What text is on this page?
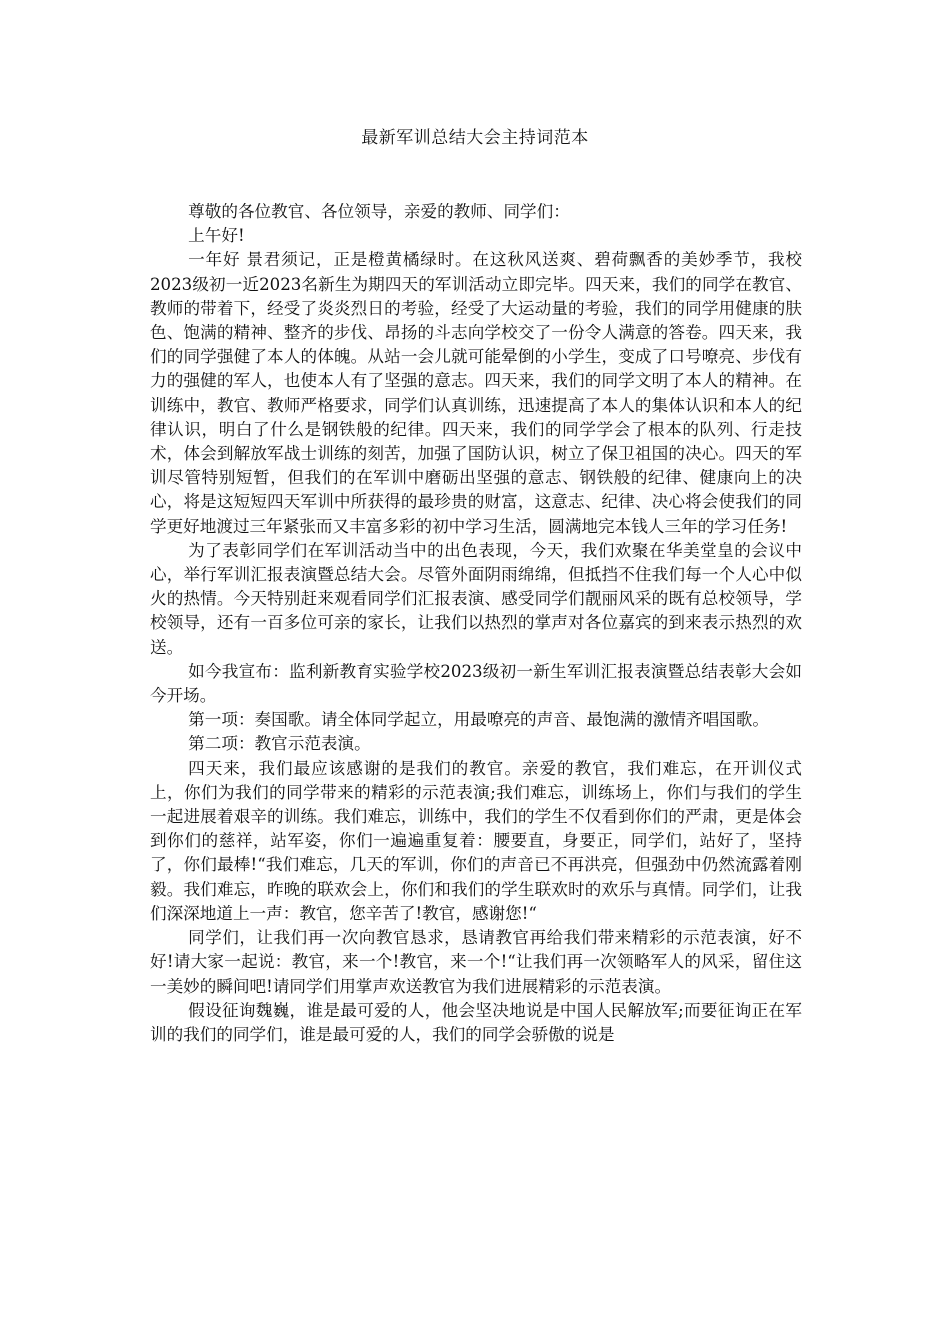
最新军训总结大会主持词范本

尊敬的各位教官、各位领导，亲爱的教师、同学们：

上午好!

一年好 景君须记，正是橙黄橘绿时。在这秋风送爽、碧荷飘香的美妙季节，我校2023级初一近2023名新生为期四天的军训活动立即完毕。四天来，我们的同学在教官、教师的带着下，经受了炎炎烈日的考验，经受了大运动量的考验，我们的同学用健康的肤色、饱满的精神、整齐的步伐、昂扬的斗志向学校交了一份令人满意的答卷。四天来，我们的同学强健了本人的体魄。从站一会儿就可能晕倒的小学生，变成了口号嘹亮、步伐有力的强健的军人，也使本人有了坚强的意志。四天来，我们的同学文明了本人的精神。在训练中，教官、教师严格要求，同学们认真训练，迅速提高了本人的集体认识和本人的纪律认识，明白了什么是钢铁般的纪律。四天来，我们的同学学会了根本的队列、行走技术，体会到解放军战士训练的刻苦，加强了国防认识，树立了保卫祖国的决心。四天的军训尽管特别短暂，但我们的在军训中磨砺出坚强的意志、钢铁般的纪律、健康向上的决心，将是这短短四天军训中所获得的最珍贵的财富，这意志、纪律、决心将会使我们的同学更好地渡过三年紧张而又丰富多彩的初中学习生活，圆满地完本钱人三年的学习任务!

为了表彰同学们在军训活动当中的出色表现，今天，我们欢聚在华美堂皇的会议中心，举行军训汇报表演暨总结大会。尽管外面阴雨绵绵，但抵挡不住我们每一个人心中似火的热情。今天特别赶来观看同学们汇报表演、感受同学们靓丽风采的既有总校领导，学校领导，还有一百多位可亲的家长，让我们以热烈的掌声对各位嘉宾的到来表示热烈的欢送。

如今我宣布：监利新教育实验学校2023级初一新生军训汇报表演暨总结表彰大会如今开场。

第一项：奏国歌。请全体同学起立，用最嘹亮的声音、最饱满的激情齐唱国歌。

第二项：教官示范表演。

四天来，我们最应该感谢的是我们的教官。亲爱的教官，我们难忘，在开训仪式上，你们为我们的同学带来的精彩的示范表演;我们难忘，训练场上，你们与我们的学生一起进展着艰辛的训练。我们难忘，训练中，我们的学生不仅看到你们的严肃，更是体会到你们的慈祥，站军姿，你们一遍遍重复着：腰要直，身要正，同学们，站好了，坚持了，你们最棒!“我们难忘，几天的军训，你们的声音已不再洪亮，但强劲中仍然流露着刚毅。我们难忘，昨晚的联欢会上，你们和我们的学生联欢时的欢乐与真情。同学们，让我们深深地道上一声：教官，您辛苦了!教官，感谢您!“

同学们，让我们再一次向教官恳求，恳请教官再给我们带来精彩的示范表演，好不好!请大家一起说：教官，来一个!教官，来一个!“让我们再一次领略军人的风采，留住这一美妙的瞬间吧!请同学们用掌声欢送教官为我们进展精彩的示范表演。

假设征询魏巍，谁是最可爱的人，他会坚决地说是中国人民解放军;而要征询正在军训的我们的同学们，谁是最可爱的人，我们的同学会骄傲的说是
